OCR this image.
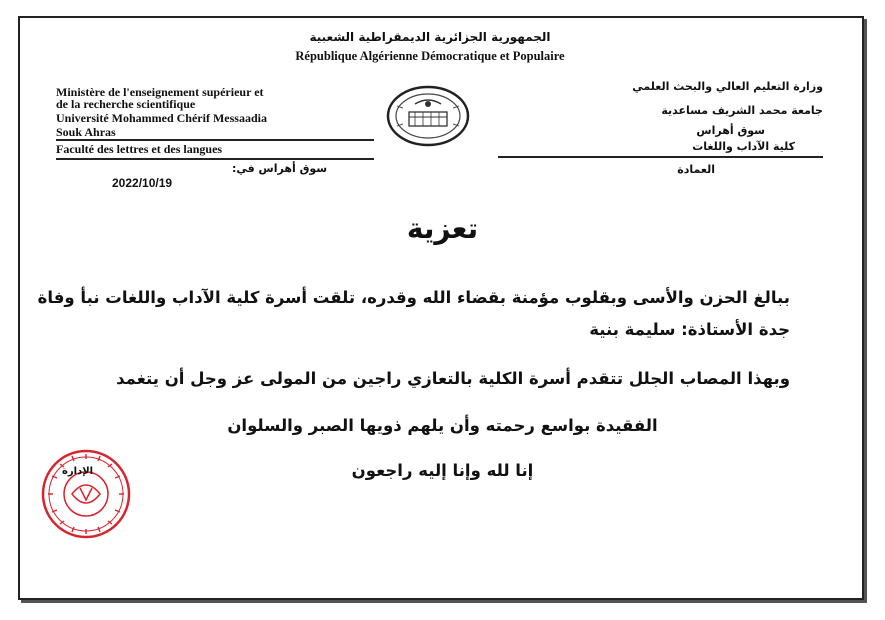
الجمهورية الجزائرية الديمقراطية الشعبية
République Algérienne Démocratique et Populaire
Ministère de l'enseignement supérieur et
de la recherche scientifique
Université Mohammed Chérif Messaadia
Souk Ahras
Faculté des lettres et des langues
وزارة التعليم العالي والبحث العلمي
جامعة محمد الشريف مساعدية
سوق أهراس
كلية الآداب واللغات
سوق أهراس في:
2022/10/19
العمادة
تعزية
ببالغ الحزن والأسى وبقلوب مؤمنة بقضاء الله وقدره، تلقت أسرة كلية الآداب واللغات نبأ وفاة
جدة الأستاذة: سليمة بنية
وبهذا المصاب الجلل تتقدم أسرة الكلية بالتعازي راجين من المولى عز وجل أن يتغمد
الفقيدة بواسع رحمته وأن يلهم ذويها الصبر والسلوان
إنا لله وإنا إليه راجعون
الإدارة
